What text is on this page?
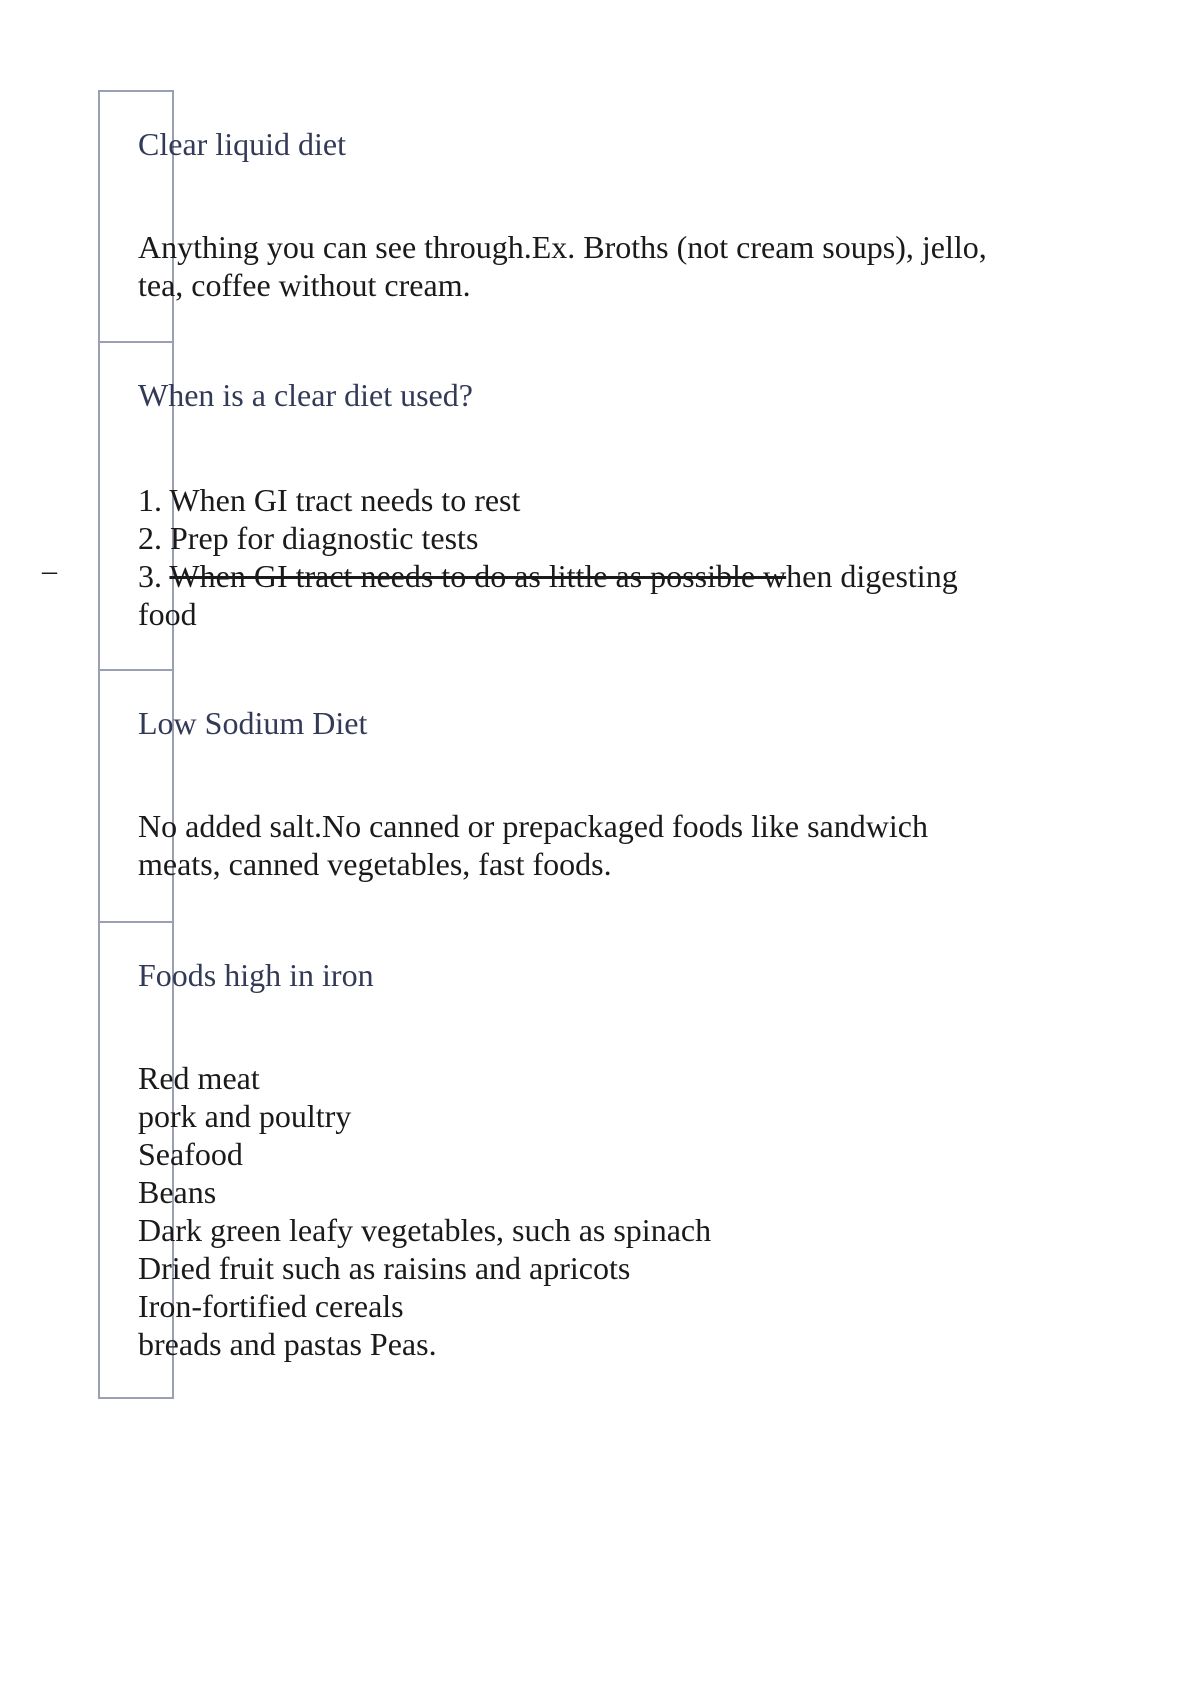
–

Clear liquid diet

Anything you can see through.Ex. Broths (not cream soups), jello,
tea, coffee without cream.

When is a clear diet used?

1. When GI tract needs to rest
2. Prep for diagnostic tests
3. When GI tract needs to do as little as possible when digesting
food

Low Sodium Diet

No added salt.No canned or prepackaged foods like sandwich
meats, canned vegetables, fast foods.

Foods high in iron

Red meat
pork and poultry
Seafood
Beans
Dark green leafy vegetables, such as spinach
Dried fruit such as raisins and apricots
Iron-fortified cereals
breads and pastas Peas.
